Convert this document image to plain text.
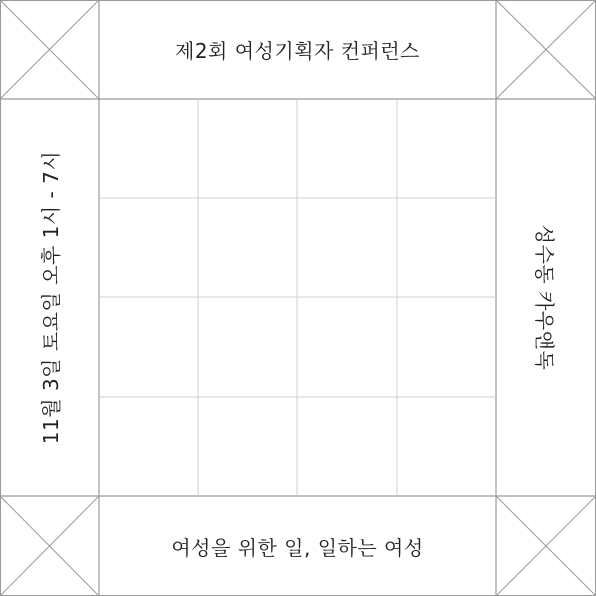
제2회 여성기획자 컨퍼런스
여성을 위한 일, 일하는 여성
11월 3일 토요일 오후 1시 - 7시	성수동 카우앤독
